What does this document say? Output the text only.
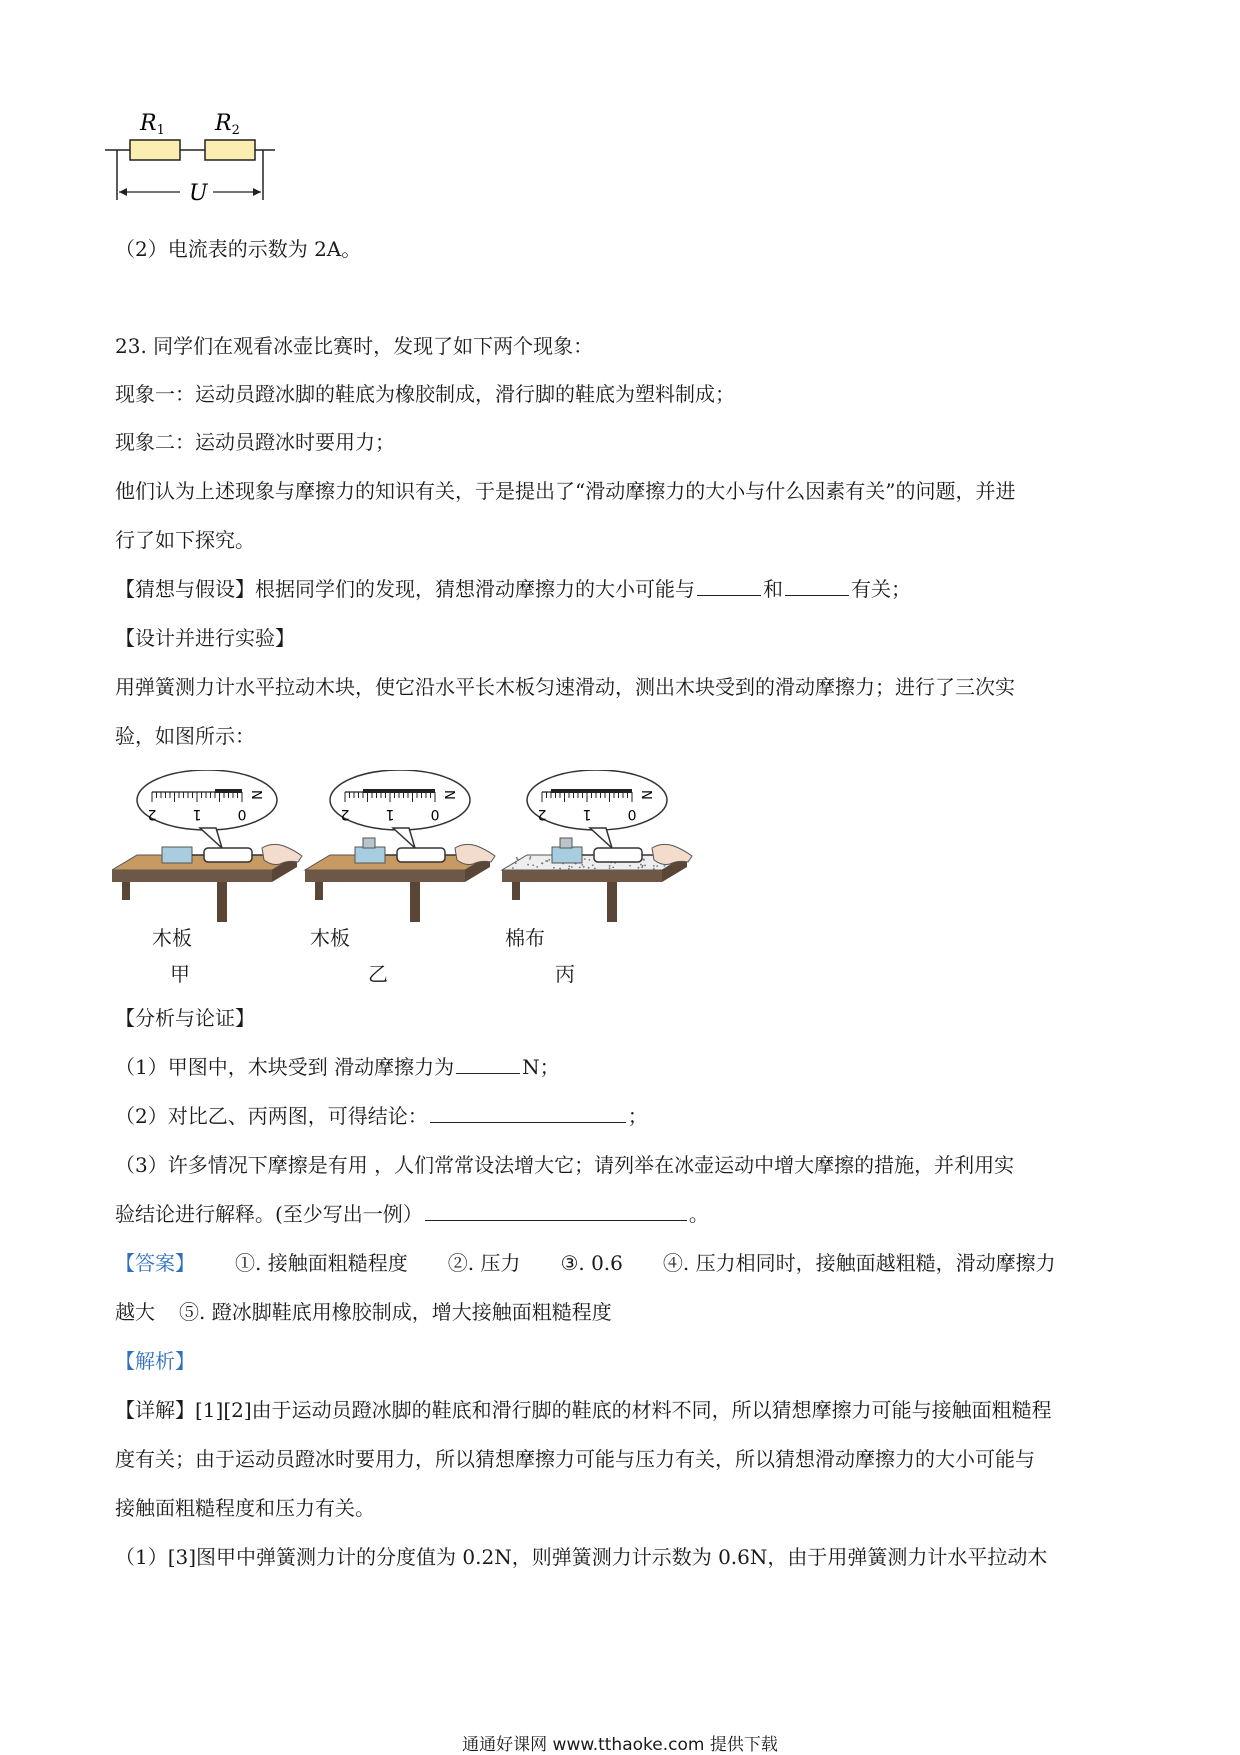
R1 R2
U
（2）电流表的示数为 2A。
23. 同学们在观看冰壶比赛时，发现了如下两个现象：
现象一：运动员蹬冰脚的鞋底为橡胶制成，滑行脚的鞋底为塑料制成；
现象二：运动员蹬冰时要用力；
他们认为上述现象与摩擦力的知识有关，于是提出了“滑动摩擦力的大小与什么因素有关”的问题，并进
行了如下探究。
【猜想与假设】根据同学们的发现，猜想滑动摩擦力的大小可能与	和	有关；
【设计并进行实验】
用弹簧测力计水平拉动木块，使它沿水平长木板匀速滑动，测出木块受到的滑动摩擦力；进行了三次实
验，如图所示：
2	1	0
N
2	1	0
N
2	1	0
N
木板
甲
木板
乙
棉布
丙
【分析与论证】
（1）甲图中，木块受到 滑动摩擦力为	N；
（2）对比乙、丙两图，可得结论：	；
（3）许多情况下摩擦是有用 ，人们常常设法增大它；请列举在冰壶运动中增大摩擦的措施，并利用实
验结论进行解释。(至少写出一例）	。
【答案】 ①. 接触面粗糙程度 ②. 压力 ③. 0.6 ④. 压力相同时，接触面越粗糙，滑动摩擦力
越大 ⑤. 蹬冰脚鞋底用橡胶制成，增大接触面粗糙程度
【解析】
【详解】[1][2]由于运动员蹬冰脚的鞋底和滑行脚的鞋底的材料不同，所以猜想摩擦力可能与接触面粗糙程
度有关；由于运动员蹬冰时要用力，所以猜想摩擦力可能与压力有关，所以猜想滑动摩擦力的大小可能与
接触面粗糙程度和压力有关。
（1）[3]图甲中弹簧测力计的分度值为 0.2N，则弹簧测力计示数为 0.6N，由于用弹簧测力计水平拉动木
通通好课网 www.tthaoke.com 提供下载
